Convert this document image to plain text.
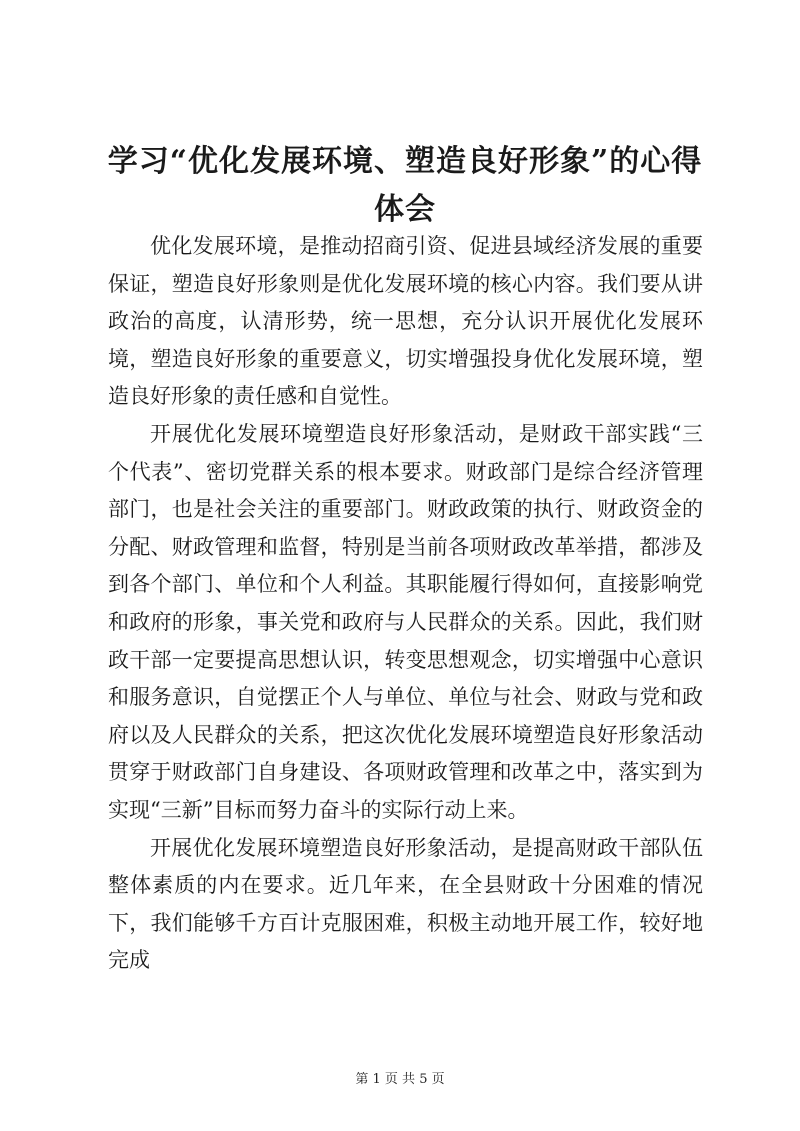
学习“优化发展环境、塑造良好形象”的心得体会

优化发展环境，是推动招商引资、促进县域经济发展的重要保证，塑造良好形象则是优化发展环境的核心内容。我们要从讲政治的高度，认清形势，统一思想，充分认识开展优化发展环境，塑造良好形象的重要意义，切实增强投身优化发展环境，塑造良好形象的责任感和自觉性。

开展优化发展环境塑造良好形象活动，是财政干部实践“三个代表”、密切党群关系的根本要求。财政部门是综合经济管理部门，也是社会关注的重要部门。财政政策的执行、财政资金的分配、财政管理和监督，特别是当前各项财政改革举措，都涉及到各个部门、单位和个人利益。其职能履行得如何，直接影响党和政府的形象，事关党和政府与人民群众的关系。因此，我们财政干部一定要提高思想认识，转变思想观念，切实增强中心意识和服务意识，自觉摆正个人与单位、单位与社会、财政与党和政府以及人民群众的关系，把这次优化发展环境塑造良好形象活动贯穿于财政部门自身建设、各项财政管理和改革之中，落实到为实现“三新”目标而努力奋斗的实际行动上来。

开展优化发展环境塑造良好形象活动，是提高财政干部队伍整体素质的内在要求。近几年来，在全县财政十分困难的情况下，我们能够千方百计克服困难，积极主动地开展工作，较好地完成

第 1 页 共 5 页
